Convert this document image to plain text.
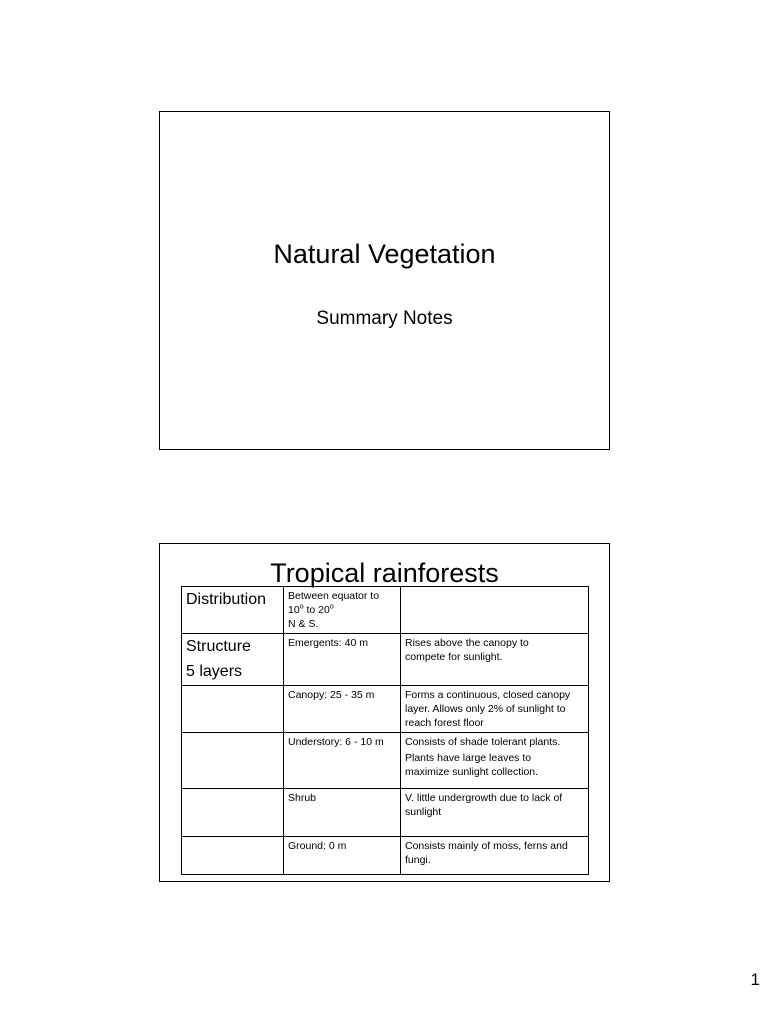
Natural Vegetation
Summary Notes
Tropical rainforests
Distribution	Between equator to
10$^o$ to 20$^o$
N & S.	

Structure
5 layers	Emergents: 40 m	Rises above the canopy to
compete for sunlight.

	Canopy: 25 - 35 m	Forms a continuous, closed canopy
layer. Allows only 2% of sunlight to
reach forest floor

	Understory: 6 - 10 m	Consists of shade tolerant plants.
Plants have large leaves to
maximize sunlight collection.

	Shrub	V. little undergrowth due to lack of
sunlight

	Ground: 0 m	Consists mainly of moss, ferns and
fungi.
1
